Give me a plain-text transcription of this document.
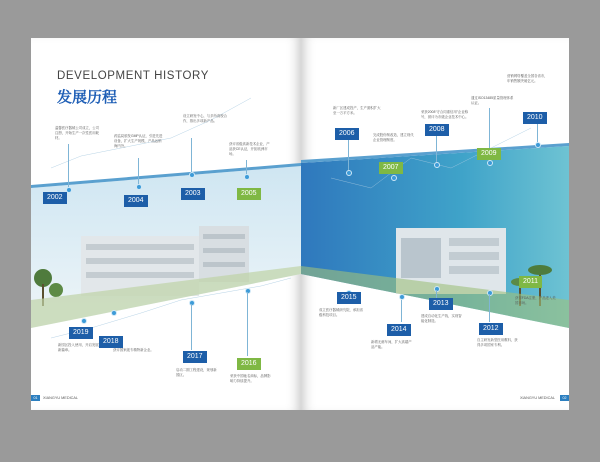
DEVELOPMENT HISTORY
发展历程
温馨医疗器械公司成立，公司注册，开始生产一次性医用耗材。
2002
药监局颁发GMP认证，引进先进设备，扩大生产规模，产品远销海内外。
2004
设立研发中心，与多所高校合作，推出多项新产品。
2003
获评省级高新技术企业，产品获CE认证，开拓欧洲市场。
2005
2019
新园区投入使用，开启发展新篇章。
2018
获评国家级专精特新企业。
2017
启动二期工程建设，规划新园区。
2016
荣获中国驰名商标，品牌影响力持续提升。
01	XIANGYU MEDICAL
新厂区建成投产，生产面积扩大至一万平方米。
2006	完成股份制改造，建立现代企业管理制度。
2007
荣获2008“守合同重信用”企业称号，被评为市级企业技术中心。
2008
通过ISO13485质量管理体系认证。
2009
营销网络覆盖全国各省市，年销售额突破亿元。
2010
2015
成立医疗器械研究院，承担省级科技项目。
2014
新增无菌车间，扩大高端产品产能。
2013
建成自动化生产线，实现智能化制造。
2012
自主研发新型医用敷料，获得多项国家专利。
2011
获得FDA注册，产品进入美国市场。
XIANGYU MEDICAL	02
